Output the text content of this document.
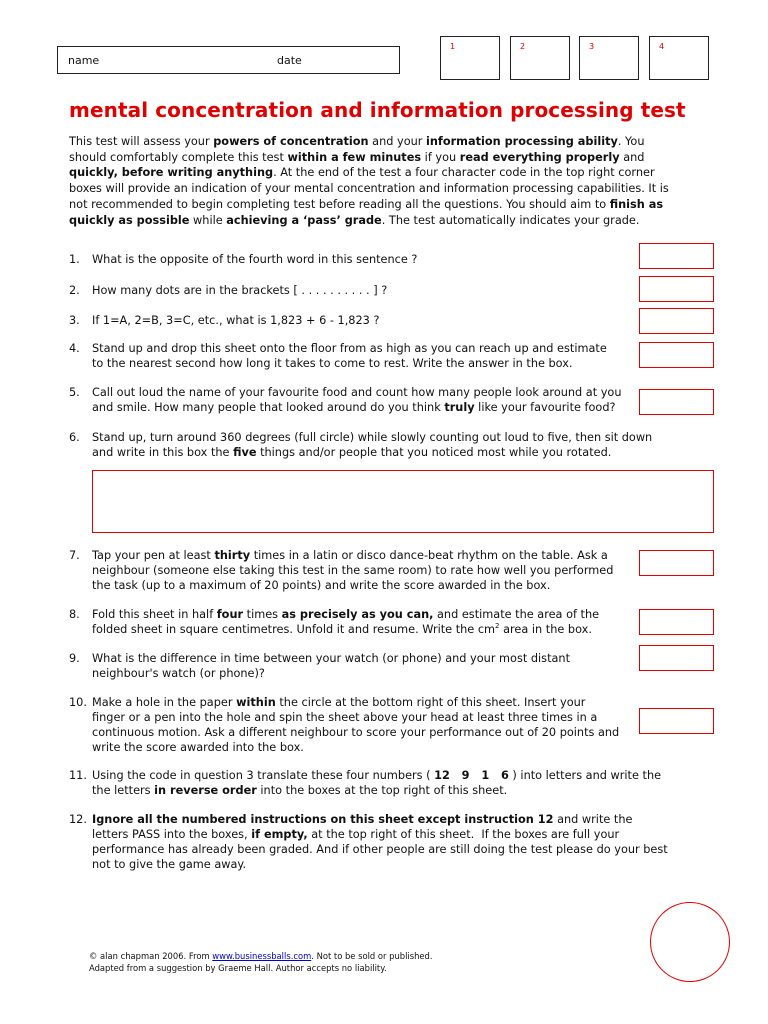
name	date
1	2	3	4
mental concentration and information processing test

This test will assess your powers of concentration and your information processing ability. You should comfortably complete this test within a few minutes if you read everything properly and quickly, before writing anything. At the end of the test a four character code in the top right corner boxes will provide an indication of your mental concentration and information processing capabilities. It is not recommended to begin completing test before reading all the questions. You should aim to finish as quickly as possible while achieving a ‘pass’ grade. The test automatically indicates your grade.

1.	What is the opposite of the fourth word in this sentence ?
2.	How many dots are in the brackets [ . . . . . . . . . . ] ?
3.	If 1=A, 2=B, 3=C, etc., what is 1,823 + 6 - 1,823 ?
4.	Stand up and drop this sheet onto the floor from as high as you can reach up and estimate
to the nearest second how long it takes to come to rest. Write the answer in the box.
5.	Call out loud the name of your favourite food and count how many people look around at you
and smile. How many people that looked around do you think truly like your favourite food?
6.	Stand up, turn around 360 degrees (full circle) while slowly counting out loud to five, then sit down
and write in this box the five things and/or people that you noticed most while you rotated.
7.	Tap your pen at least thirty times in a latin or disco dance-beat rhythm on the table. Ask a
neighbour (someone else taking this test in the same room) to rate how well you performed
the task (up to a maximum of 20 points) and write the score awarded in the box.
8.	Fold this sheet in half four times as precisely as you can, and estimate the area of the
folded sheet in square centimetres. Unfold it and resume. Write the $cm^2$ area in the box.
9.	What is the difference in time between your watch (or phone) and your most distant
neighbour's watch (or phone)?
10. Make a hole in the paper within the circle at the bottom right of this sheet. Insert your
finger or a pen into the hole and spin the sheet above your head at least three times in a
continuous motion. Ask a different neighbour to score your performance out of 20 points and
write the score awarded into the box.
11. Using the code in question 3 translate these four numbers ( 12   9   1   6 ) into letters and write the
the letters in reverse order into the boxes at the top right of this sheet.
12. Ignore all the numbered instructions on this sheet except instruction 12 and write the
letters PASS into the boxes, if empty, at the top right of this sheet.  If the boxes are full your
performance has already been graded. And if other people are still doing the test please do your best
not to give the game away.
© alan chapman 2006. From www.businessballs.com. Not to be sold or published.
Adapted from a suggestion by Graeme Hall. Author accepts no liability.
